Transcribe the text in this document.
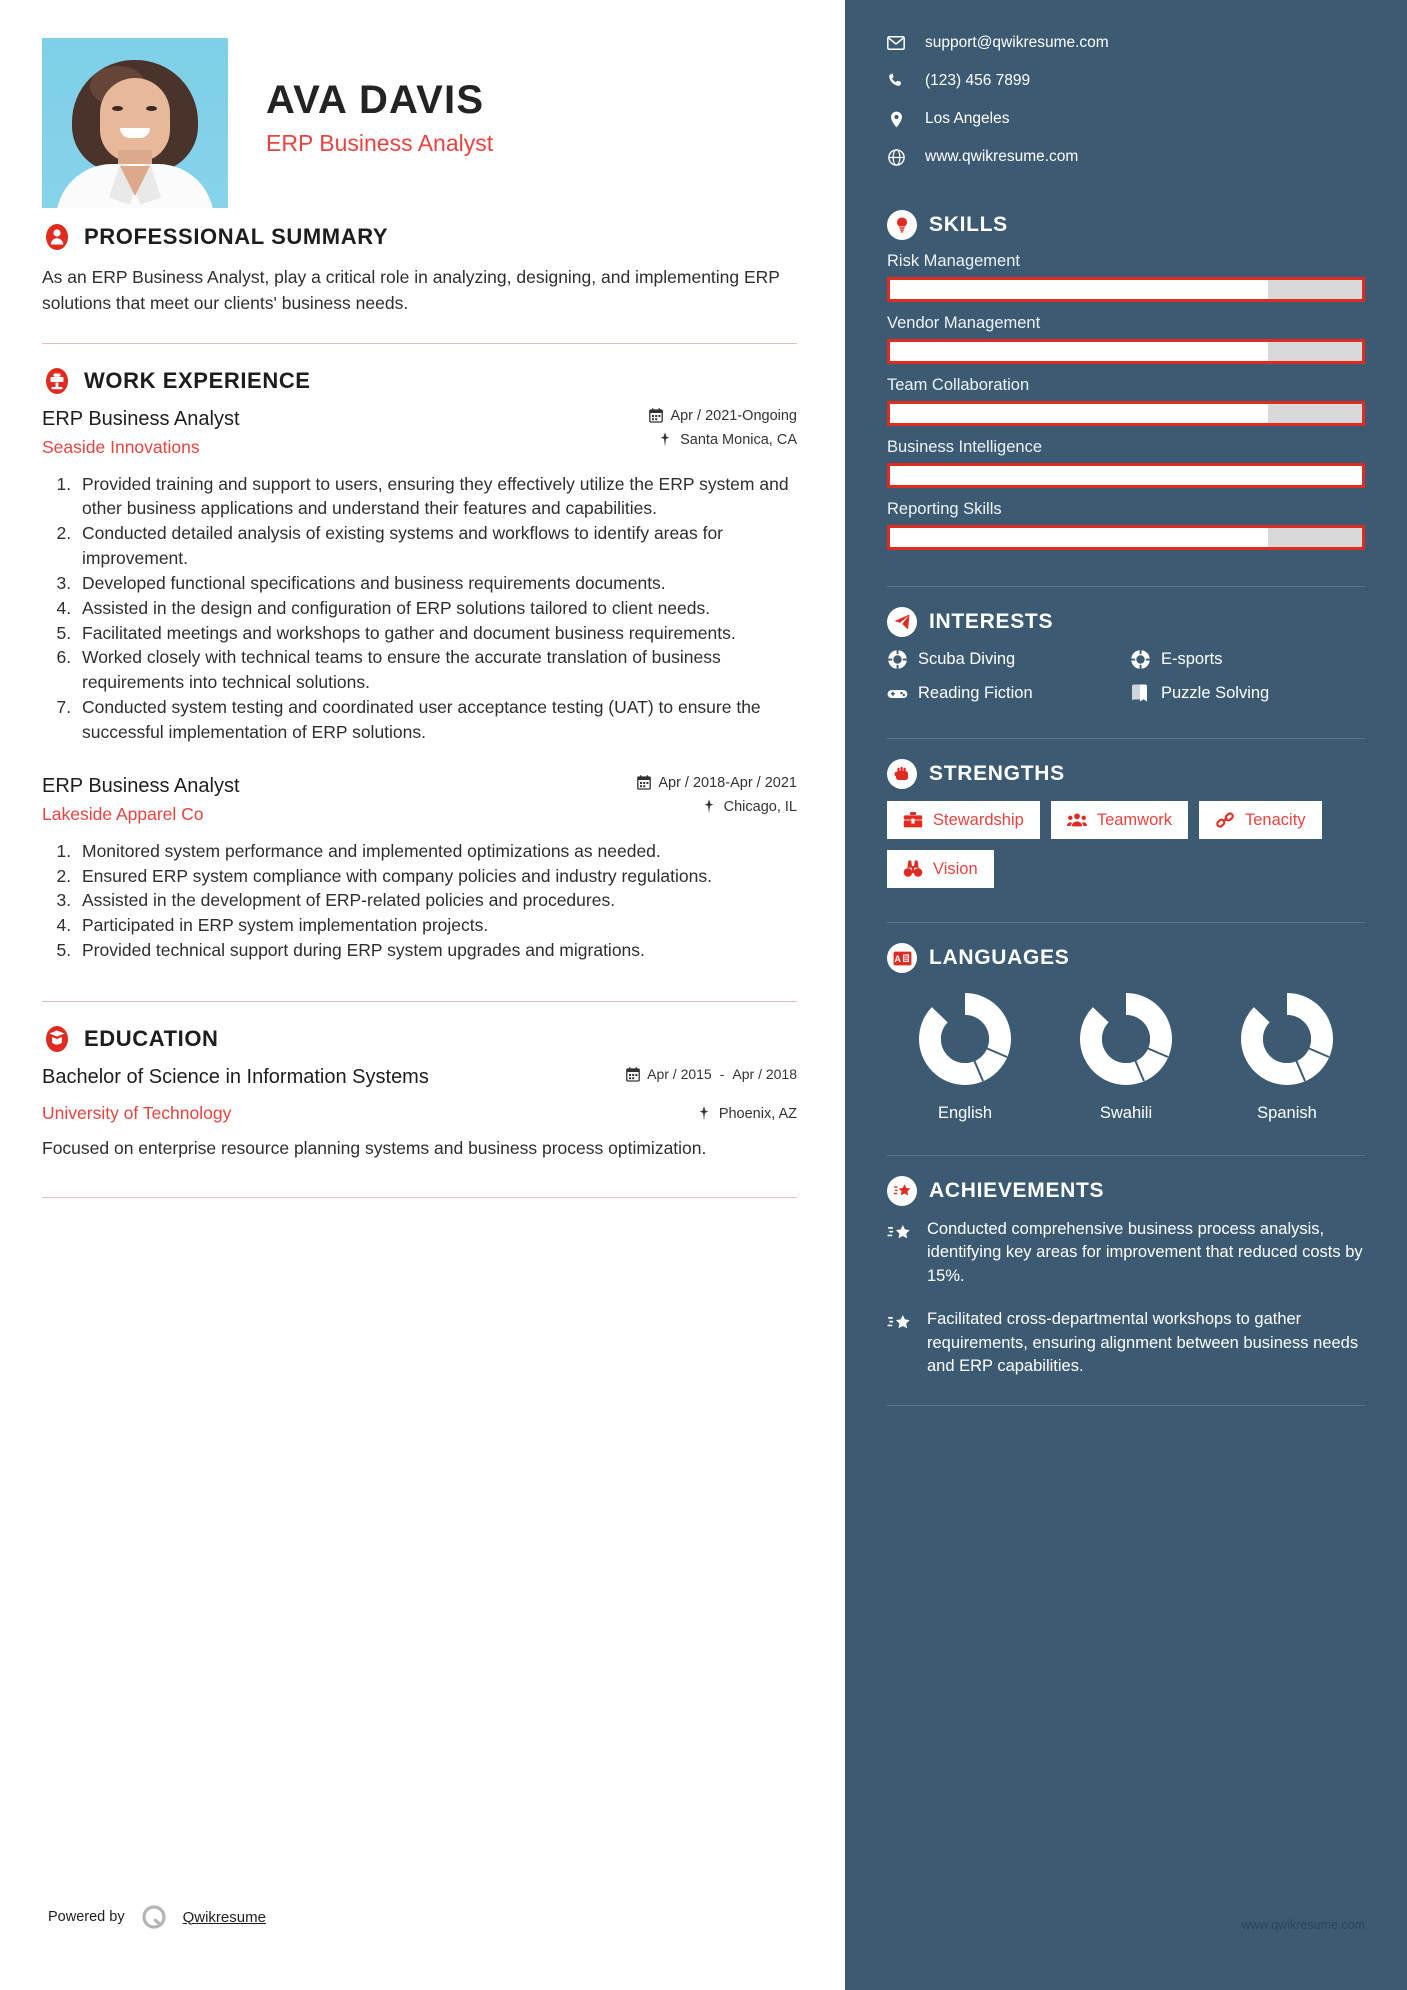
AVA DAVIS
ERP Business Analyst
PROFESSIONAL SUMMARY
As an ERP Business Analyst, play a critical role in analyzing, designing, and implementing ERP solutions that meet our clients' business needs.
WORK EXPERIENCE
ERP Business Analyst
Seaside Innovations
Apr / 2021-Ongoing
Santa Monica, CA
1. Provided training and support to users, ensuring they effectively utilize the ERP system and other business applications and understand their features and capabilities.
2. Conducted detailed analysis of existing systems and workflows to identify areas for improvement.
3. Developed functional specifications and business requirements documents.
4. Assisted in the design and configuration of ERP solutions tailored to client needs.
5. Facilitated meetings and workshops to gather and document business requirements.
6. Worked closely with technical teams to ensure the accurate translation of business requirements into technical solutions.
7. Conducted system testing and coordinated user acceptance testing (UAT) to ensure the successful implementation of ERP solutions.
ERP Business Analyst
Lakeside Apparel Co
Apr / 2018-Apr / 2021
Chicago, IL
1. Monitored system performance and implemented optimizations as needed.
2. Ensured ERP system compliance with company policies and industry regulations.
3. Assisted in the development of ERP-related policies and procedures.
4. Participated in ERP system implementation projects.
5. Provided technical support during ERP system upgrades and migrations.
EDUCATION
Bachelor of Science in Information Systems
University of Technology
Apr / 2015 - Apr / 2018
Phoenix, AZ
Focused on enterprise resource planning systems and business process optimization.
Powered by	Qwikresume
support@qwikresume.com
(123) 456 7899
Los Angeles
www.qwikresume.com
SKILLS
Risk Management
Vendor Management
Team Collaboration
Business Intelligence
Reporting Skills
INTERESTS
Scuba Diving	E-sports
Reading Fiction	Puzzle Solving
STRENGTHS
Stewardship	Teamwork	Tenacity
Vision
A LANGUAGES
English	Swahili	Spanish
ACHIEVEMENTS
Conducted comprehensive business process analysis, identifying key areas for improvement that reduced costs by 15%.
Facilitated cross-departmental workshops to gather requirements, ensuring alignment between business needs and ERP capabilities.
www.qwikresume.com
